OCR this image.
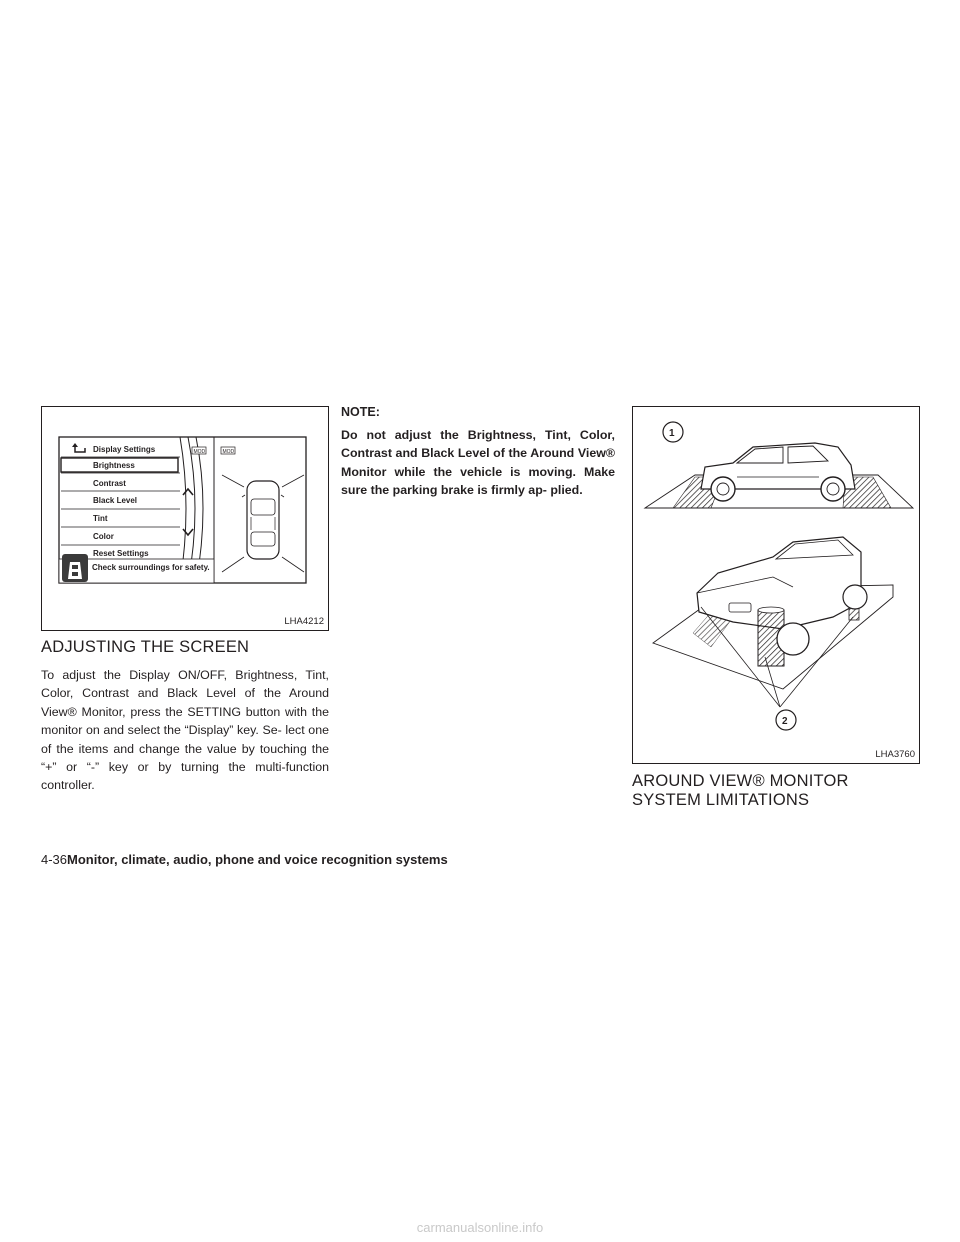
Display Settings
Brightness
Contrast
Black Level
Tint
Color
Reset Settings
MOD	MOD
Check surroundings for safety.
LHA4212
1
2
LHA3760
ADJUSTING THE SCREEN
To adjust the Display ON/OFF, Brightness, Tint, Color, Contrast and Black Level of the Around View® Monitor, press the SETTING button with the monitor on and select the “Display” key. Se- lect one of the items and change the value by touching the “+” or “-” key or by turning the multi-function controller.
NOTE:
Do not adjust the Brightness, Tint, Color, Contrast and Black Level of the Around View® Monitor while the vehicle is moving. Make sure the parking brake is firmly ap- plied.
AROUND VIEW® MONITOR
SYSTEM LIMITATIONS
4-36Monitor, climate, audio, phone and voice recognition systems
carmanualsonline.info
